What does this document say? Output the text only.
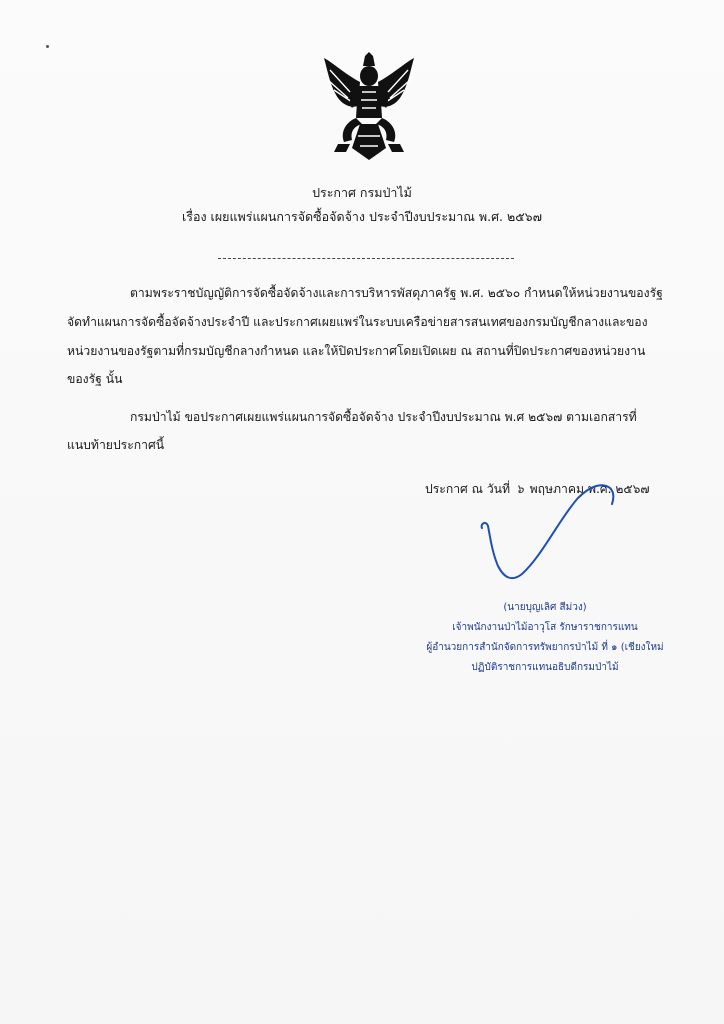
ประกาศ กรมป่าไม้
เรื่อง เผยแพร่แผนการจัดซื้อจัดจ้าง ประจำปีงบประมาณ พ.ศ. ๒๕๖๗
ตามพระราชบัญญัติการจัดซื้อจัดจ้างและการบริหารพัสดุภาครัฐ พ.ศ. ๒๕๖๐ กำหนดให้หน่วยงานของรัฐ
จัดทำแผนการจัดซื้อจัดจ้างประจำปี และประกาศเผยแพร่ในระบบเครือข่ายสารสนเทศของกรมบัญชีกลางและของ
หน่วยงานของรัฐตามที่กรมบัญชีกลางกำหนด และให้ปิดประกาศโดยเปิดเผย ณ สถานที่ปิดประกาศของหน่วยงาน
ของรัฐ นั้น
กรมป่าไม้ ขอประกาศเผยแพร่แผนการจัดซื้อจัดจ้าง ประจำปีงบประมาณ พ.ศ ๒๕๖๗ ตามเอกสารที่
แนบท้ายประกาศนี้
ประกาศ ณ วันที่ ๖ พฤษภาคม พ.ศ. ๒๕๖๗
(นายบุญเลิศ สีม่วง)
เจ้าพนักงานป่าไม้อาวุโส รักษาราชการแทน
ผู้อำนวยการสำนักจัดการทรัพยากรป่าไม้ ที่ ๑ (เชียงใหม่
ปฏิบัติราชการแทนอธิบดีกรมป่าไม้
